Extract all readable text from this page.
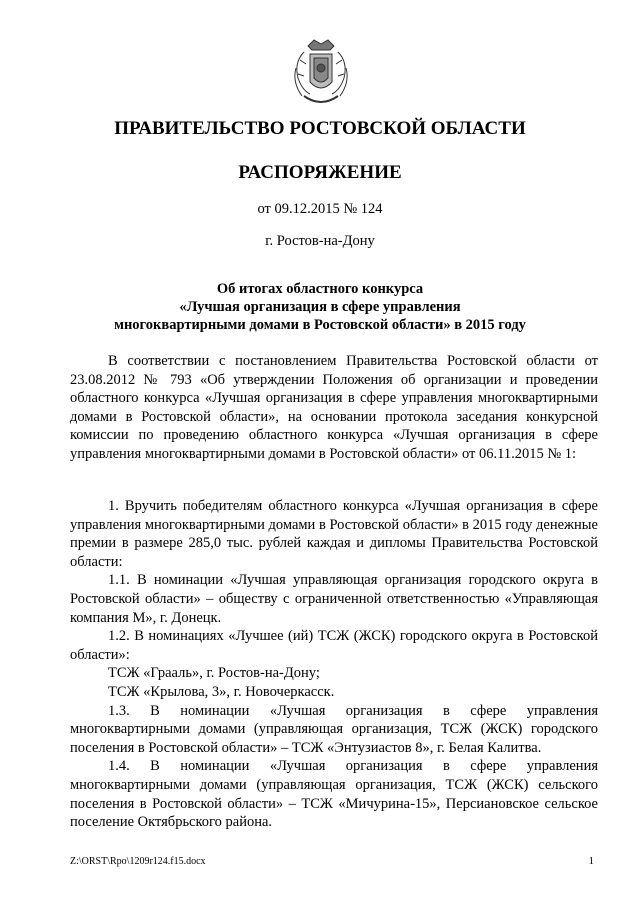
ПРАВИТЕЛЬСТВО РОСТОВСКОЙ ОБЛАСТИ
РАСПОРЯЖЕНИЕ
от 09.12.2015 № 124
г. Ростов-на-Дону
Об итогах областного конкурса
«Лучшая организация в сфере управления
многоквартирными домами в Ростовской области» в 2015 году

В соответствии с постановлением Правительства Ростовской области от 23.08.2012 № 793 «Об утверждении Положения об организации и проведении областного конкурса «Лучшая организация в сфере управления многоквартирными домами в Ростовской области», на основании протокола заседания конкурсной комиссии по проведению областного конкурса «Лучшая организация в сфере управления многоквартирными домами в Ростовской области» от 06.11.2015 № 1:

1. Вручить победителям областного конкурса «Лучшая организация в сфере управления многоквартирными домами в Ростовской области» в 2015 году денежные премии в размере 285,0 тыс. рублей каждая и дипломы Правительства Ростовской области:

1.1. В номинации «Лучшая управляющая организация городского округа в Ростовской области» – обществу с ограниченной ответственностью «Управляющая компания М», г. Донецк.

1.2. В номинациях «Лучшее (ий) ТСЖ (ЖСК) городского округа в Ростовской области»:

ТСЖ «Грааль», г. Ростов-на-Дону;

ТСЖ «Крылова, 3», г. Новочеркасск.

1.3. В номинации «Лучшая организация в сфере управления многоквартирными домами (управляющая организация, ТСЖ (ЖСК) городского поселения в Ростовской области» – ТСЖ «Энтузиастов 8», г. Белая Калитва.

1.4. В номинации «Лучшая организация в сфере управления многоквартирными домами (управляющая организация, ТСЖ (ЖСК) сельского поселения в Ростовской области» – ТСЖ «Мичурина-15», Персиановское сельское поселение Октябрьского района.

Z:\ORST\Rpo\1209r124.f15.docx	1
